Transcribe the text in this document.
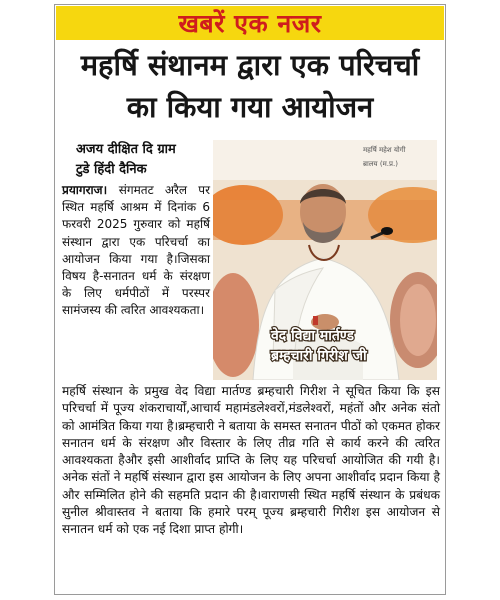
खबरें एक नजर
महर्षि संथानम द्वारा एक परिचर्चा
का किया गया आयोजन
अजय दीक्षित दि ग्राम
टुडे हिंदी दैनिक
प्रयागराज। संगमतट अरैल पर स्थित महर्षि आश्रम में दिनांक 6 फरवरी 2025 गुरुवार को महर्षि संस्थान द्वारा एक परिचर्चा का आयोजन किया गया है।जिसका विषय है-सनातन धर्म के संरक्षण के लिए धर्मपीठों में परस्पर सामंजस्य की त्वरित आवश्यकता।
महर्षि महेश योगी
ब्रालय (म.प्र.)
वेद विद्या मार्तण्ड
ब्रम्हचारी गिरीश जी
महर्षि संस्थान के प्रमुख वेद विद्या मार्तण्ड ब्रम्हचारी गिरीश ने सूचित किया कि इस परिचर्चा में पूज्य शंकराचार्यों,आचार्य महामंडलेश्वरों,मंडलेश्वरों, महंतों और अनेक संतो को आमंत्रित किया गया है।ब्रम्हचारी ने बताया के समस्त सनातन पीठों को एकमत होकर सनातन धर्म के संरक्षण और विस्तार के लिए तीव्र गति से कार्य करने की त्वरित आवश्यकता हैऔर इसी आशीर्वाद प्राप्ति के लिए यह परिचर्चा आयोजित की गयी है।अनेक संतों ने महर्षि संस्थान द्वारा इस आयोजन के लिए अपना आशीर्वाद प्रदान किया है और सम्मिलित होने की सहमति प्रदान की है।वाराणसी स्थित महर्षि संस्थान के प्रबंधक सुनील श्रीवास्तव ने बताया कि हमारे परम् पूज्य ब्रम्हचारी गिरीश इस आयोजन से सनातन धर्म को एक नई दिशा प्राप्त होगी।
